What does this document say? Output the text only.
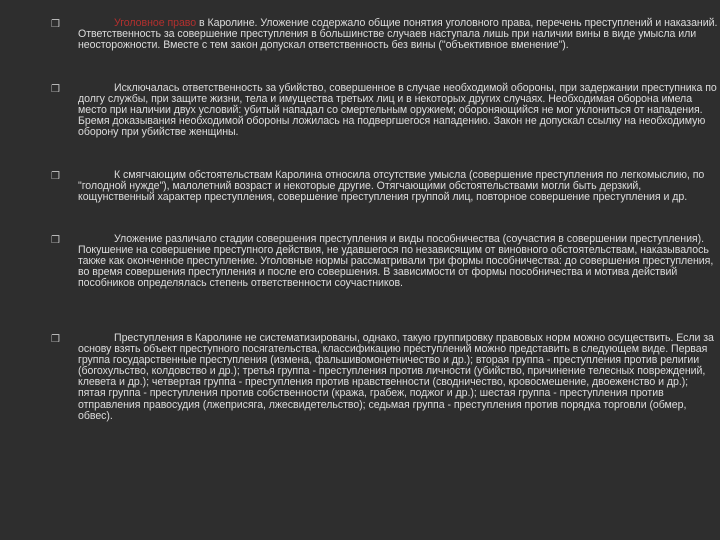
❒	Уголовное право в Каролине. Уложение содержало общие понятия уголовного права, перечень преступлений и наказаний. Ответственность за совершение преступления в большинстве случаев наступала лишь при наличии вины в виде умысла или неосторожности. Вместе с тем закон допускал ответственность без вины ("объективное вменение").

❒	Исключалась ответственность за убийство, совершенное в случае необходимой обороны, при задержании преступника по долгу службы, при защите жизни, тела и имущества третьих лиц и в некоторых других случаях. Необходимая оборона имела место при наличии двух условий: убитый нападал со смертельным оружием; обороняющийся не мог уклониться от нападения. Бремя доказывания необходимой обороны ложилась на подвергшегося нападению. Закон не допускал ссылку на необходимую оборону при убийстве женщины.

❒	К смягчающим обстоятельствам Каролина относила отсутствие умысла (совершение преступления по легкомыслию, по "голодной нужде"), малолетний возраст и некоторые другие. Отягчающими обстоятельствами могли быть дерзкий, кощунственный характер преступления, совершение преступления группой лиц, повторное совершение преступления и др.

❒	Уложение различало стадии совершения преступления и виды пособничества (соучастия в совершении преступления). Покушение на совершение преступного действия, не удавшегося по независящим от виновного обстоятельствам, наказывалось также как оконченное преступление. Уголовные нормы рассматривали три формы пособничества: до совершения преступления, во время совершения преступления и после его совершения. В зависимости от формы пособничества и мотива действий пособников определялась степень ответственности соучастников.

❒	Преступления в Каролине не систематизированы, однако, такую группировку правовых норм можно осуществить. Если за основу взять объект преступного посягательства, классификацию преступлений можно представить в следующем виде. Первая группа государственные преступления (измена, фальшивомонетничество и др.); вторая группа - преступления против религии (богохульство, колдовство и др.); третья группа - преступления против личности (убийство, причинение телесных повреждений, клевета и др.); четвертая группа - преступления против нравственности (сводничество, кровосмешение, двоеженство и др.); пятая группа - преступления против собственности (кража, грабеж, поджог и др.); шестая группа - преступления против отправления правосудия (лжеприсяга, лжесвидетельство); седьмая группа - преступления против порядка торговли (обмер, обвес).
